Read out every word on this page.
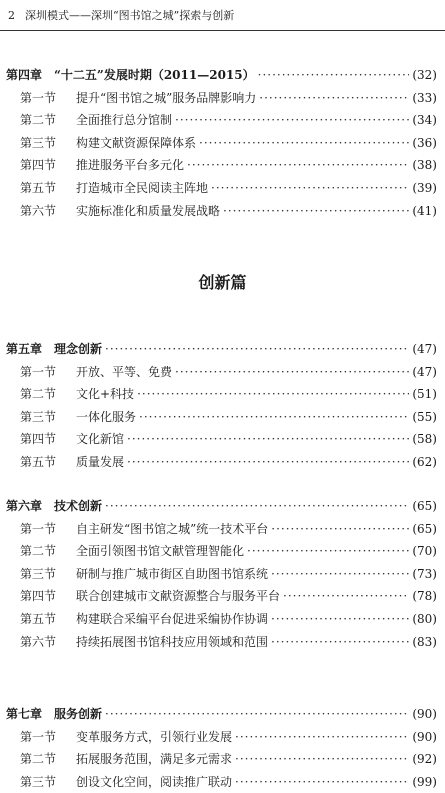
2 深圳模式——深圳“图书馆之城”探索与创新
创新篇
第四章 “十二五”发展时期（2011—2015） ·····	(32)
第一节	提升“图书馆之城”服务品牌影响力 ·····	(33)
第二节	全面推行总分馆制 ·····	(34)
第三节	构建文献资源保障体系 ·····	(36)
第四节	推进服务平台多元化 ·····	(38)
第五节	打造城市全民阅读主阵地 ·····	(39)
第六节	实施标准化和质量发展战略 ·····	(41)
第五章 理念创新 ·····	(47)
第一节	开放、平等、免费 ·····	(47)
第二节	文化+科技 ·····	(51)
第三节	一体化服务 ·····	(55)
第四节	文化新馆 ·····	(58)
第五节	质量发展 ·····	(62)
第六章 技术创新 ·····	(65)
第一节	自主研发“图书馆之城”统一技术平台 ·····	(65)
第二节	全面引领图书馆文献管理智能化 ·····	(70)
第三节	研制与推广城市街区自助图书馆系统 ·····	(73)
第四节	联合创建城市文献资源整合与服务平台 ·····	(78)
第五节	构建联合采编平台促进采编协作协调 ·····	(80)
第六节	持续拓展图书馆科技应用领域和范围 ·····	(83)
第七章 服务创新 ·····	(90)
第一节	变革服务方式，引领行业发展 ·····	(90)
第二节	拓展服务范围，满足多元需求 ·····	(92)
第三节	创设文化空间，阅读推广联动 ·····	(99)
